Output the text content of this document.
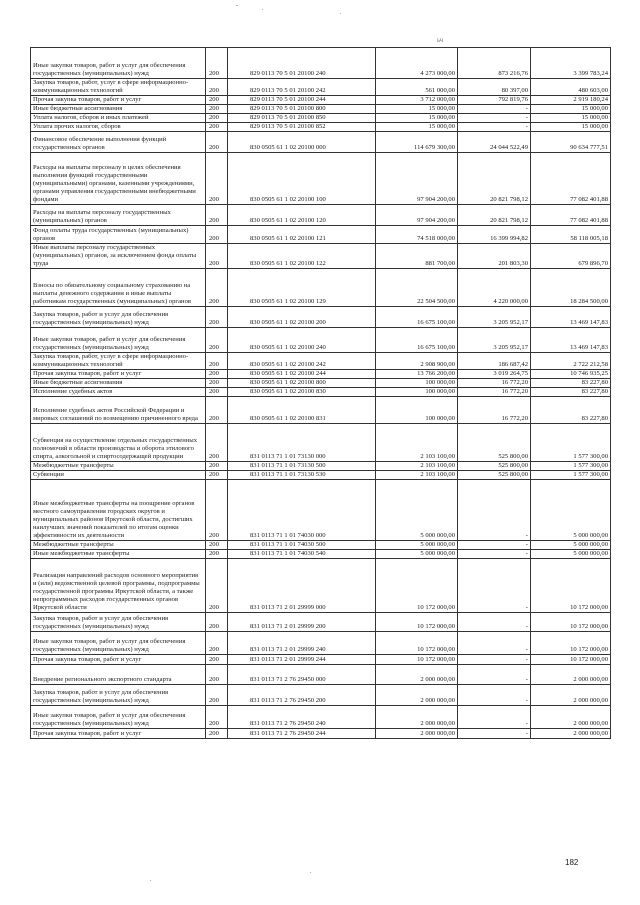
ьч
Иные закупки товаров, работ и услуг для обеспечения государственных (муниципальных) нужд	200	829 0113 70 5 01 20100 240	4 273 000,00	873 216,76	3 399 783,24
Закупка товаров, работ, услуг в сфере информационно-коммуникационных технологий	200	829 0113 70 5 01 20100 242	561 000,00	80 397,00	480 603,00
Прочая закупка товаров, работ и услуг	200	829 0113 70 5 01 20100 244	3 712 000,00	792 819,76	2 919 180,24
Иные бюджетные ассигнования	200	829 0113 70 5 01 20100 800	15 000,00	-	15 000,00
Уплата налогов, сборов и иных платежей	200	829 0113 70 5 01 20100 850	15 000,00	-	15 000,00
Уплата прочих налогов, сборов	200	829 0113 70 5 01 20100 852	15 000,00	-	15 000,00
Финансовое обеспечение выполнения функций государственных органов	200	830 0505 61 1 02 20100 000	114 679 300,00	24 044 522,49	90 634 777,51
Расходы на выплаты персоналу в целях обеспечения выполнения функций государственными (муниципальными) органами, казенными учреждениями, органами управления государственными внебюджетными фондами	200	830 0505 61 1 02 20100 100	97 904 200,00	20 821 798,12	77 082 401,88
Расходы на выплаты персоналу государственных (муниципальных) органов	200	830 0505 61 1 02 20100 120	97 904 200,00	20 821 798,12	77 082 401,88
Фонд оплаты труда государственных (муниципальных) органов	200	830 0505 61 1 02 20100 121	74 518 000,00	16 399 994,82	58 118 005,18
Иные выплаты персоналу государственных (муниципальных) органов, за исключением фонда оплаты труда	200	830 0505 61 1 02 20100 122	881 700,00	201 803,30	679 896,70
Взносы по обязательному социальному страхованию на выплаты денежного содержания и иные выплаты работникам государственных (муниципальных) органов	200	830 0505 61 1 02 20100 129	22 504 500,00	4 220 000,00	18 284 500,00
Закупка товаров, работ и услуг для обеспечения государственных (муниципальных) нужд	200	830 0505 61 1 02 20100 200	16 675 100,00	3 205 952,17	13 469 147,83
Иные закупки товаров, работ и услуг для обеспечения государственных (муниципальных) нужд	200	830 0505 61 1 02 20100 240	16 675 100,00	3 205 952,17	13 469 147,83
Закупка товаров, работ, услуг в сфере информационно-коммуникационных технологий	200	830 0505 61 1 02 20100 242	2 908 900,00	186 687,42	2 722 212,58
Прочая закупка товаров, работ и услуг	200	830 0505 61 1 02 20100 244	13 766 200,00	3 019 264,75	10 746 935,25
Иные бюджетные ассигнования	200	830 0505 61 1 02 20100 800	100 000,00	16 772,20	83 227,80
Исполнение судебных актов	200	830 0505 61 1 02 20100 830	100 000,00	16 772,20	83 227,80
Исполнение судебных актов Российской Федерации и мировых соглашений по возмещению причиненного вреда	200	830 0505 61 1 02 20100 831	100 000,00	16 772,20	83 227,80
Субвенция на осуществление отдельных государственных полномочий в области производства и оборота этилового спирта, алкогольной и спиртосодержащей продукции	200	831 0113 71 1 01 73130 000	2 103 100,00	525 800,00	1 577 300,00
Межбюджетные трансферты	200	831 0113 71 1 01 73130 500	2 103 100,00	525 800,00	1 577 300,00
Субвенции	200	831 0113 71 1 01 73130 530	2 103 100,00	525 800,00	1 577 300,00
Иные межбюджетные трансферты на поощрение органов местного самоуправления городских округов и муниципальных районов Иркутской области, достигших наилучших значений показателей по итогам оценки эффективности их деятельности	200	831 0113 71 1 01 74030 000	5 000 000,00	-	5 000 000,00
Межбюджетные трансферты	200	831 0113 71 1 01 74030 500	5 000 000,00	-	5 000 000,00
Иные межбюджетные трансферты	200	831 0113 71 1 01 74030 540	5 000 000,00	-	5 000 000,00
Реализация направлений расходов основного мероприятия и (или) ведомственной целевой программы, подпрограммы государственной программы Иркутской области, а также непрограммных расходов государственных органов Иркутской области	200	831 0113 71 2 01 29999 000	10 172 000,00	-	10 172 000,00
Закупка товаров, работ и услуг для обеспечения государственных (муниципальных) нужд	200	831 0113 71 2 01 29999 200	10 172 000,00	-	10 172 000,00
Иные закупки товаров, работ и услуг для обеспечения государственных (муниципальных) нужд	200	831 0113 71 2 01 29999 240	10 172 000,00	-	10 172 000,00
Прочая закупка товаров, работ и услуг	200	831 0113 71 2 01 29999 244	10 172 000,00	-	10 172 000,00
Внедрение регионального экспортного стандарта	200	831 0113 71 2 76 29450 000	2 000 000,00	-	2 000 000,00
Закупка товаров, работ и услуг для обеспечения государственных (муниципальных) нужд	200	831 0113 71 2 76 29450 200	2 000 000,00	-	2 000 000,00
Иные закупки товаров, работ и услуг для обеспечения государственных (муниципальных) нужд	200	831 0113 71 2 76 29450 240	2 000 000,00	-	2 000 000,00
Прочая закупка товаров, работ и услуг	200	831 0113 71 2 76 29450 244	2 000 000,00	-	2 000 000,00
182
